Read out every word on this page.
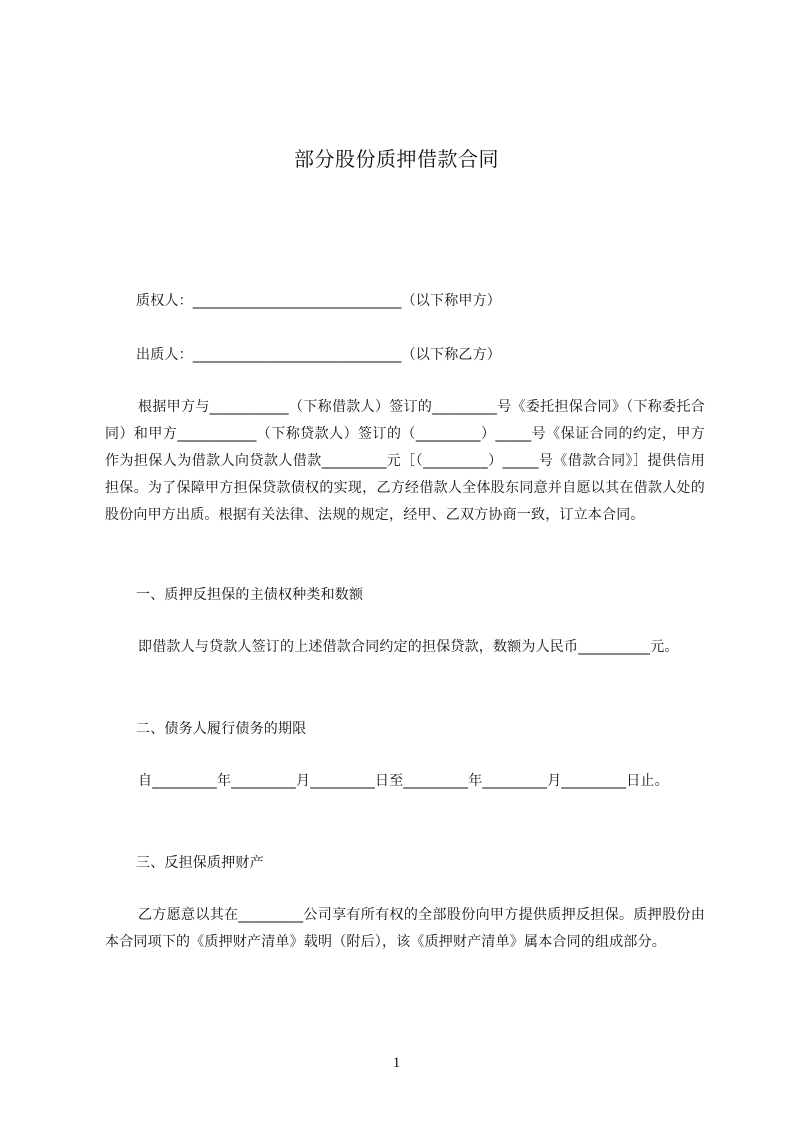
部分股份质押借款合同
质权人：_____________________________（以下称甲方）
出质人：_____________________________（以下称乙方）
根据甲方与___________（下称借款人）签订的_________号《委托担保合同》（下称委托合同）和甲方___________（下称贷款人）签订的（_________）_____号《保证合同的约定，甲方作为担保人为借款人向贷款人借款_________元［（_________）_____号《借款合同》］提供信用担保。为了保障甲方担保贷款债权的实现，乙方经借款人全体股东同意并自愿以其在借款人处的股份向甲方出质。根据有关法律、法规的规定，经甲、乙双方协商一致，订立本合同。
一、质押反担保的主债权种类和数额
即借款人与贷款人签订的上述借款合同约定的担保贷款，数额为人民币__________元。
二、债务人履行债务的期限
自_________年_________月_________日至_________年_________月_________日止。
三、反担保质押财产
乙方愿意以其在_________公司享有所有权的全部股份向甲方提供质押反担保。质押股份由本合同项下的《质押财产清单》载明（附后），该《质押财产清单》属本合同的组成部分。
1
